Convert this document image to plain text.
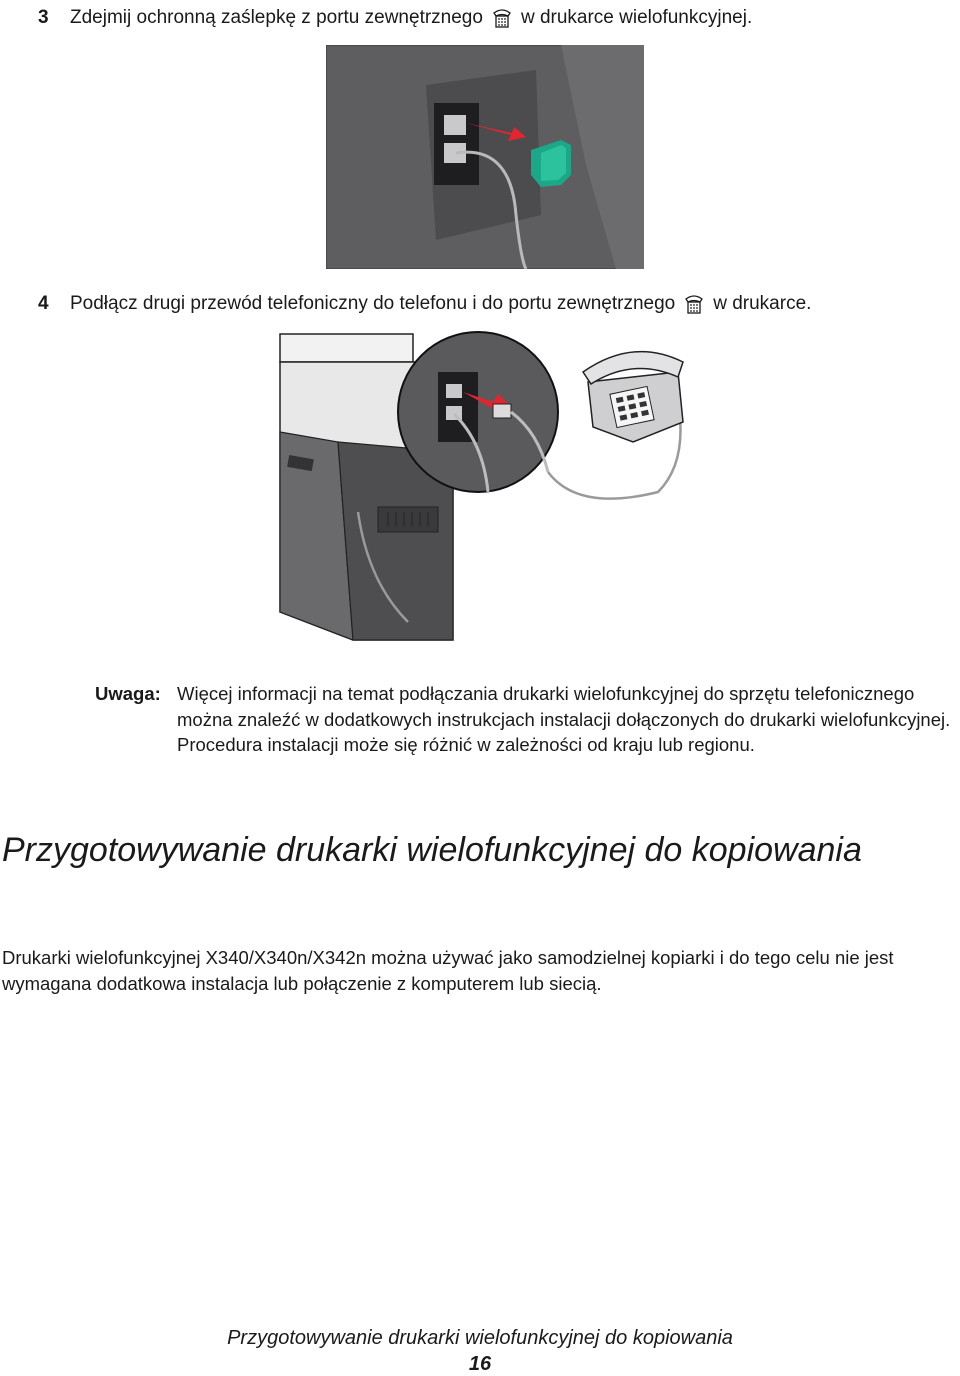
3	Zdejmij ochronną zaślepkę z portu zewnętrznego w drukarce wielofunkcyjnej.
4	Podłącz drugi przewód telefoniczny do telefonu i do portu zewnętrznego w drukarce.
Uwaga: Więcej informacji na temat podłączania drukarki wielofunkcyjnej do sprzętu telefonicznego można znaleźć w dodatkowych instrukcjach instalacji dołączonych do drukarki wielofunkcyjnej. Procedura instalacji może się różnić w zależności od kraju lub regionu.
Przygotowywanie drukarki wielofunkcyjnej do kopiowania

Drukarki wielofunkcyjnej X340/X340n/X342n można używać jako samodzielnej kopiarki i do tego celu nie jest wymagana dodatkowa instalacja lub połączenie z komputerem lub siecią.

Przygotowywanie drukarki wielofunkcyjnej do kopiowania
16
